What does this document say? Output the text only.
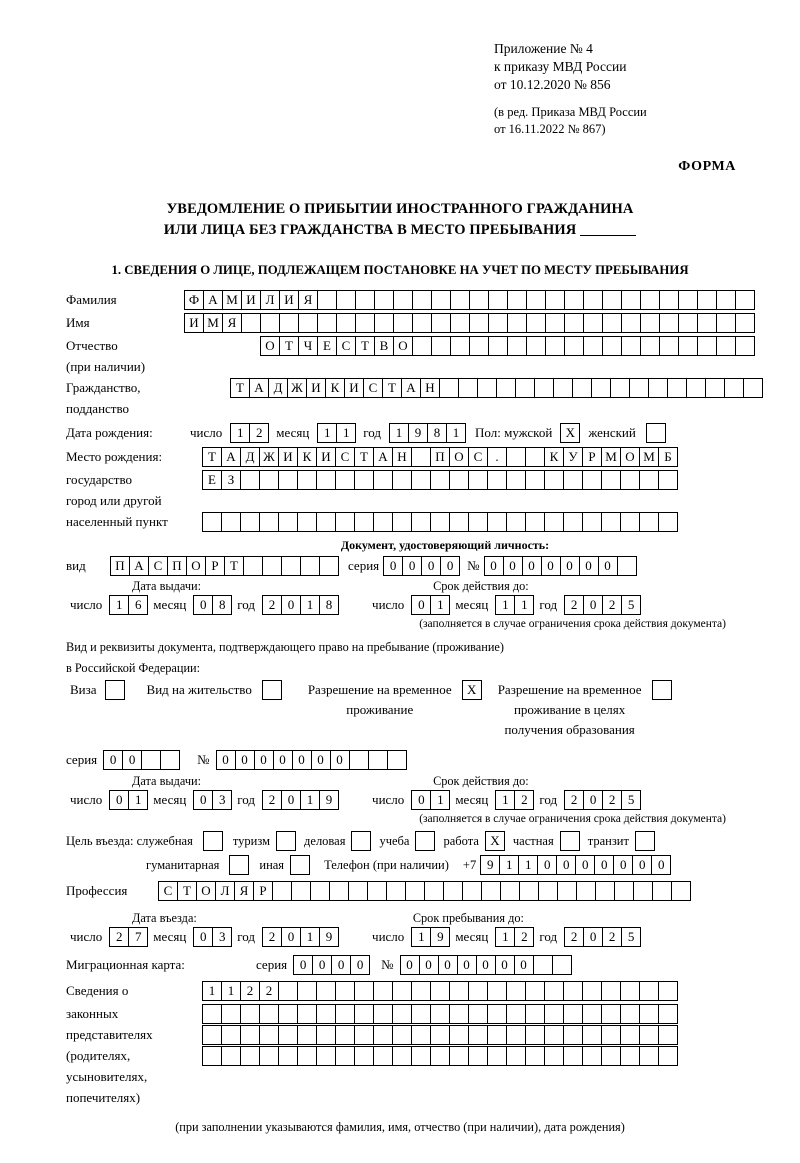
Приложение № 4
к приказу МВД России
от 10.12.2020 № 856
(в ред. Приказа МВД России
от 16.11.2022 № 867)
ФОРМА
УВЕДОМЛЕНИЕ О ПРИБЫТИИ ИНОСТРАННОГО ГРАЖДАНИНА
ИЛИ ЛИЦА БЕЗ ГРАЖДАНСТВА В МЕСТО ПРЕБЫВАНИЯ
1. СВЕДЕНИЯ О ЛИЦЕ, ПОДЛЕЖАЩЕМ ПОСТАНОВКЕ НА УЧЕТ ПО МЕСТУ ПРЕБЫВАНИЯ
Фамилия	Ф А М И Л И Я
Имя	И М Я
Отчество	О Т Ч Е С Т В О
(при наличии)
Гражданство,	Т А Д Ж И К И С Т А Н
подданство
Дата рождения:	число	1 2	месяц	1 1	год	1 9 8 1	Пол: мужской	Х	женский
Место рождения:	Т А Д Ж И К И С Т А Н	П О С	.	К У Р М О М Б
государство	Е З
город или другой
населенный пункт
Документ, удостоверяющий личность:
вид	П А С П О Р Т	серия 0 0 0 0	№ 0 0 0 0 0 0 0
Дата выдачи:	Срок действия до:
число	1 6 месяц	0 8 год	2 0 1 8	число	0 1 месяц	1 1 год	2 0 2 5
(заполняется в случае ограничения срока действия документа)
Вид и реквизиты документа, подтверждающего право на пребывание (проживание)
в Российской Федерации:
Виза	Вид на жительство	Разрешение на временное	Х
проживание
Разрешение на временное
проживание в целях
получения образования
серия 0 0	№ 0 0 0 0 0 0 0
Дата выдачи:	Срок действия до:
число	0 1 месяц	0 3 год	2 0 1 9	число	0 1 месяц	1 2 год	2 0 2 5
(заполняется в случае ограничения срока действия документа)
Цель въезда: служебная	туризм	деловая	учеба	работа Х	частная	транзит
гуманитарная	иная	Телефон (при наличии) +7 9 1 1 0 0 0 0 0 0 0
Профессия	С Т О Л Я Р
Дата въезда:	Срок пребывания до:
число	2 7 месяц	0 3 год	2 0 1 9	число	1 9 месяц	1 2 год	2 0 2 5
Миграционная карта:	серия 0 0 0 0	№ 0 0 0 0 0 0 0
Сведения о	1 1 2 2
законных
представителях
(родителях,
усыновителях,
попечителях)
(при заполнении указываются фамилия, имя, отчество (при наличии), дата рождения)
